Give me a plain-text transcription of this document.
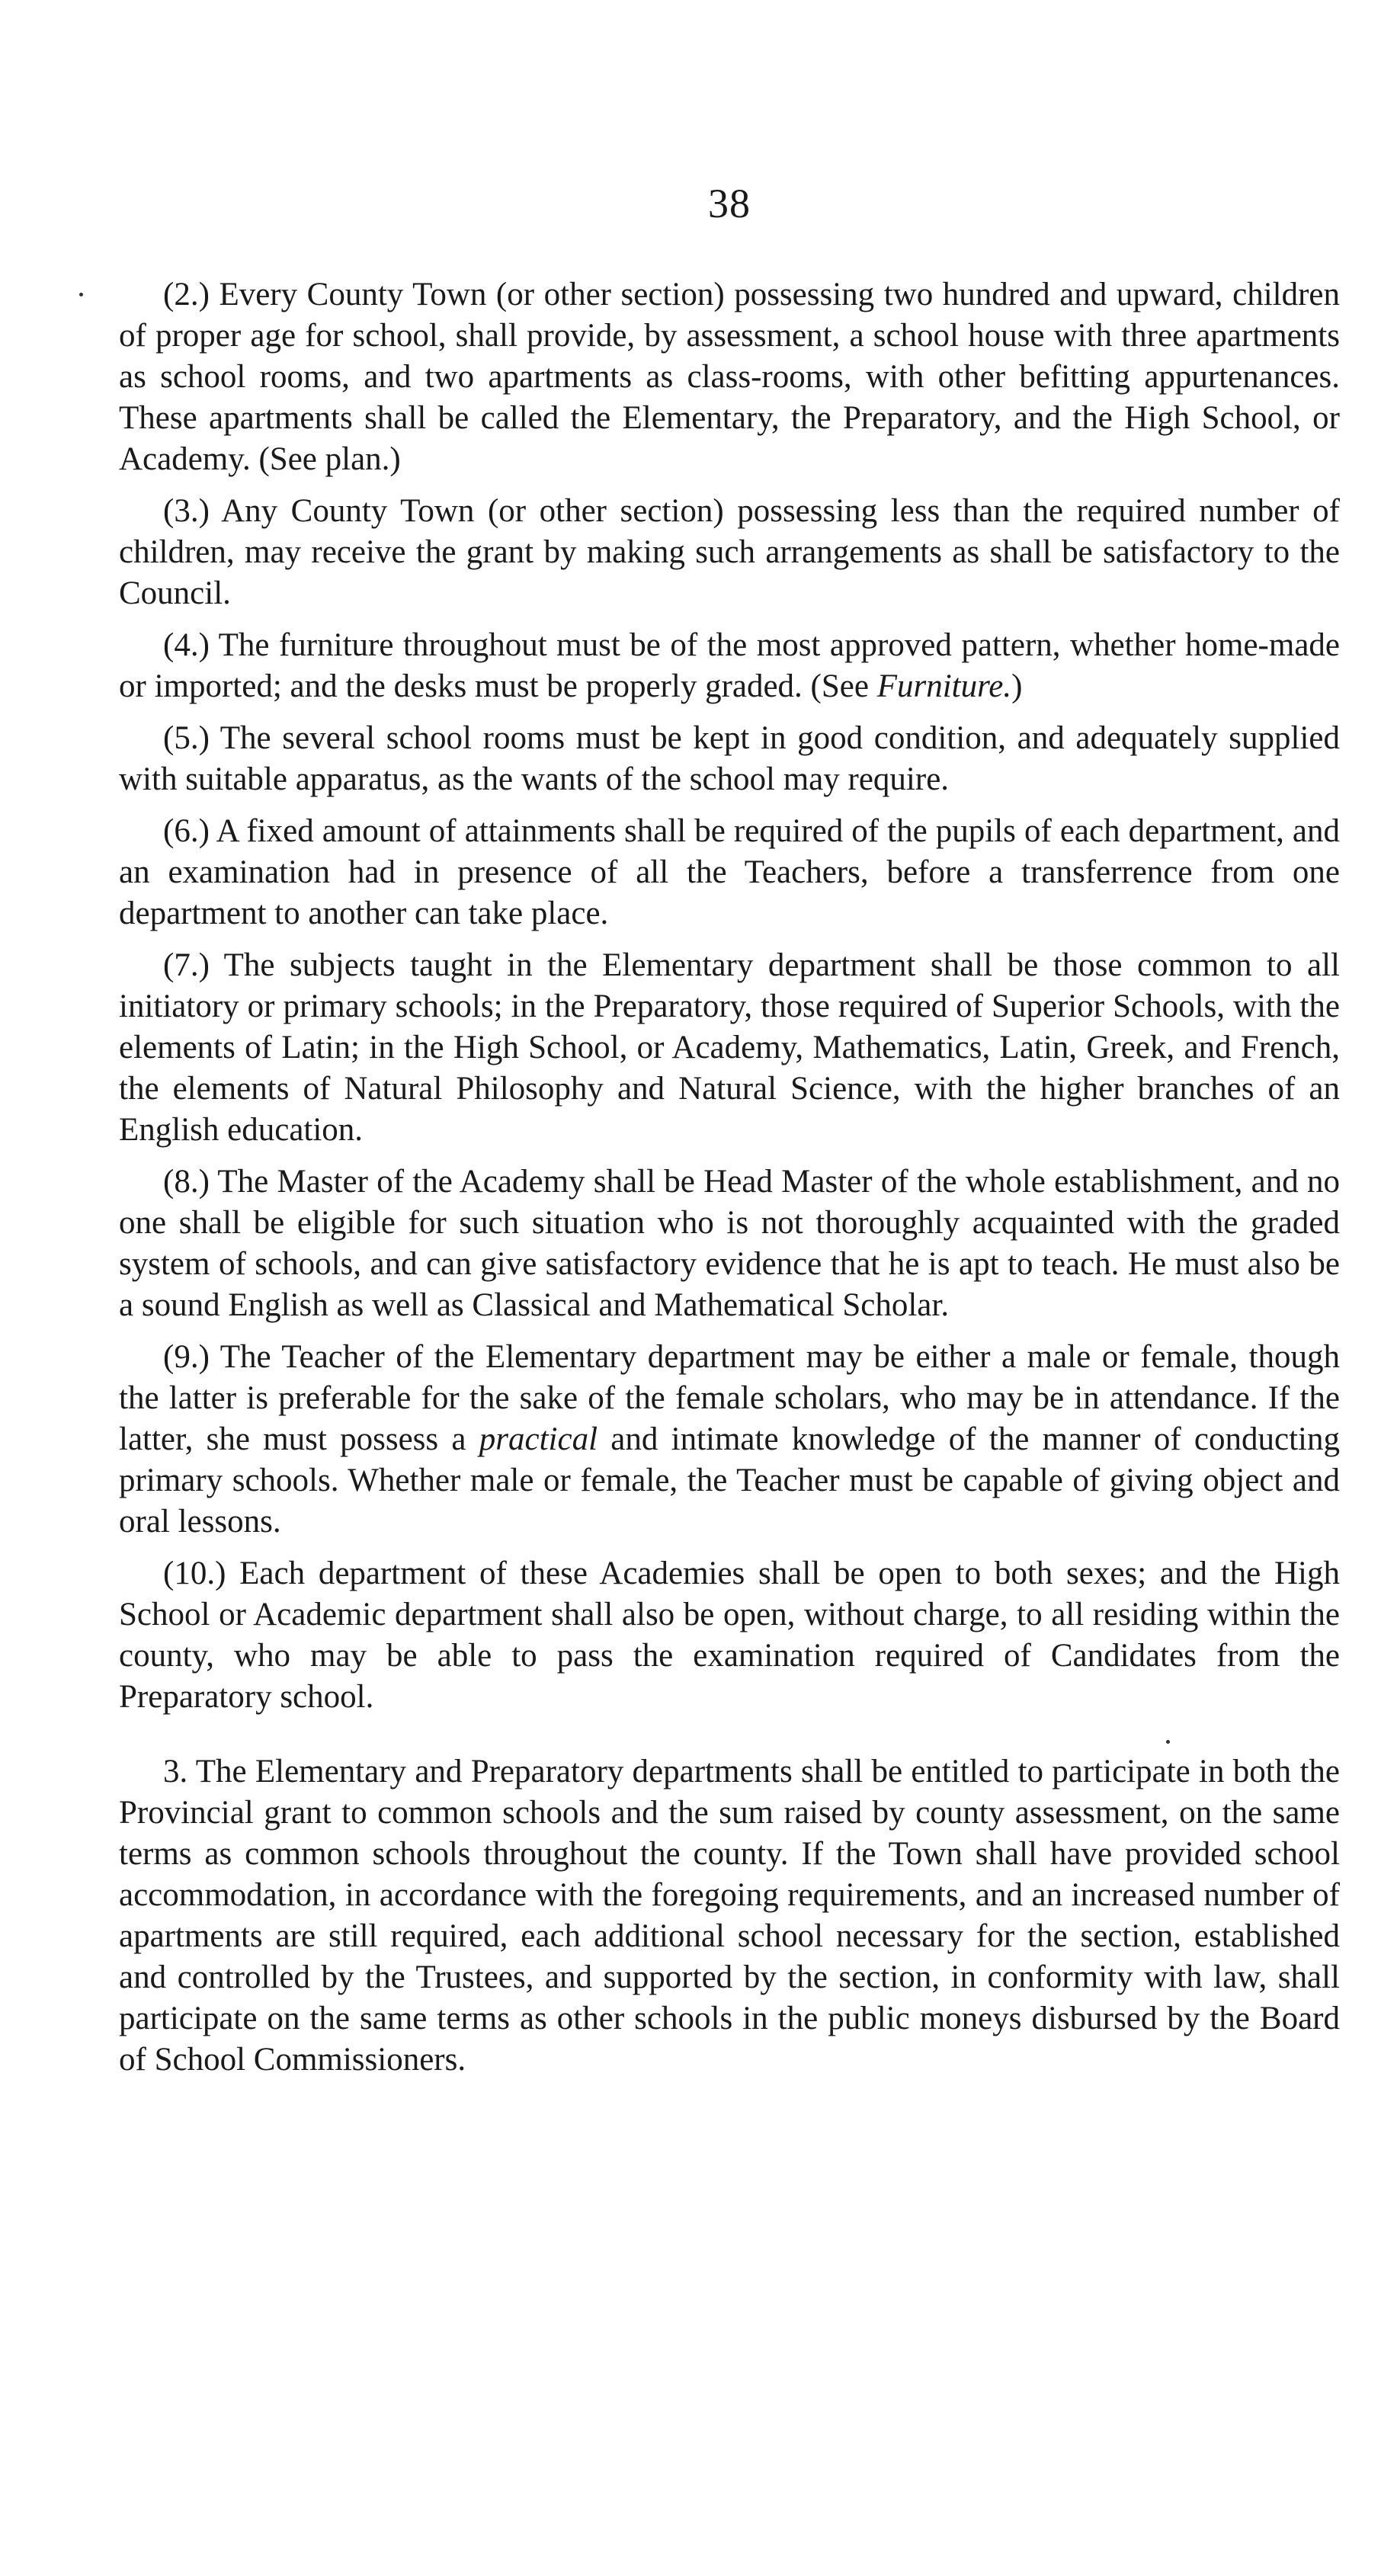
38

(2.) Every County Town (or other section) possessing two hundred and upward, children of proper age for school, shall provide, by assessment, a school house with three apartments as school rooms, and two apartments as class-rooms, with other befitting appurtenances. These apartments shall be called the Elementary, the Preparatory, and the High School, or Academy. (See plan.)

(3.) Any County Town (or other section) possessing less than the required number of children, may receive the grant by making such arrangements as shall be satisfactory to the Council.

(4.) The furniture throughout must be of the most approved pattern, whether home-made or imported; and the desks must be properly graded. (See Furniture.)

(5.) The several school rooms must be kept in good condition, and adequately supplied with suitable apparatus, as the wants of the school may require.

(6.) A fixed amount of attainments shall be required of the pupils of each department, and an examination had in presence of all the Teachers, before a transferrence from one department to another can take place.

(7.) The subjects taught in the Elementary department shall be those common to all initiatory or primary schools; in the Preparatory, those required of Superior Schools, with the elements of Latin; in the High School, or Academy, Mathematics, Latin, Greek, and French, the elements of Natural Philosophy and Natural Science, with the higher branches of an English education.

(8.) The Master of the Academy shall be Head Master of the whole establishment, and no one shall be eligible for such situation who is not thoroughly acquainted with the graded system of schools, and can give satisfactory evidence that he is apt to teach. He must also be a sound English as well as Classical and Mathematical Scholar.

(9.) The Teacher of the Elementary department may be either a male or female, though the latter is preferable for the sake of the female scholars, who may be in attendance. If the latter, she must possess a practical and intimate knowledge of the manner of conducting primary schools. Whether male or female, the Teacher must be capable of giving object and oral lessons.

(10.) Each department of these Academies shall be open to both sexes; and the High School or Academic department shall also be open, without charge, to all residing within the county, who may be able to pass the examination required of Candidates from the Preparatory school.

3. The Elementary and Preparatory departments shall be entitled to participate in both the Provincial grant to common schools and the sum raised by county assessment, on the same terms as common schools throughout the county. If the Town shall have provided school accommodation, in accordance with the foregoing requirements, and an increased number of apartments are still required, each additional school necessary for the section, established and controlled by the Trustees, and supported by the section, in conformity with law, shall participate on the same terms as other schools in the public moneys disbursed by the Board of School Commissioners.
